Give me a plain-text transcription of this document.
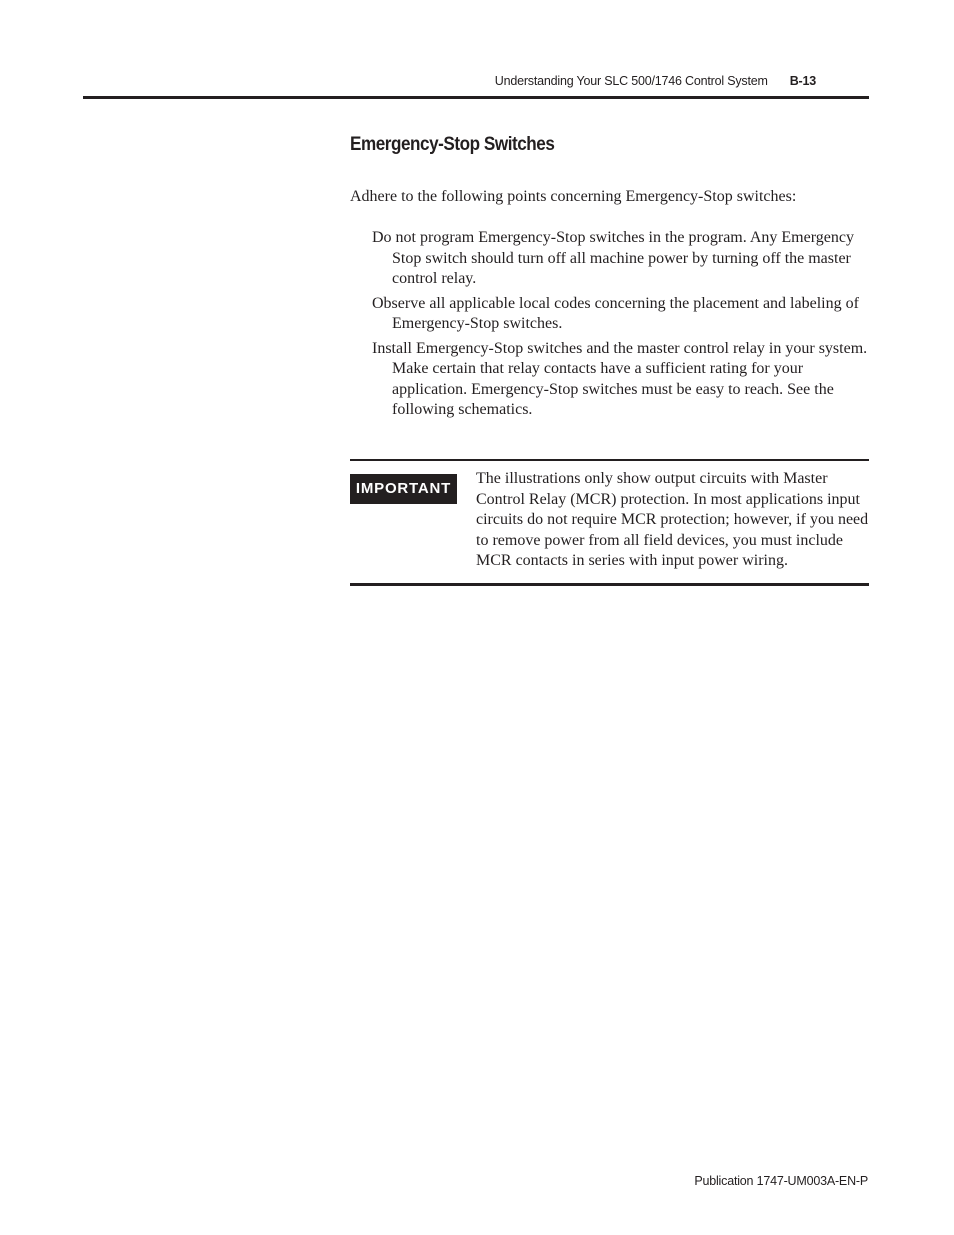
Understanding Your SLC 500/1746 Control System B-13
Emergency-Stop Switches

Adhere to the following points concerning Emergency-Stop switches:

Do not program Emergency-Stop switches in the program. Any Emergency Stop switch should turn off all machine power by turning off the master control relay.
Observe all applicable local codes concerning the placement and labeling of Emergency-Stop switches.
Install Emergency-Stop switches and the master control relay in your system. Make certain that relay contacts have a sufficient rating for your application. Emergency-Stop switches must be easy to reach. See the following schematics.
IMPORTANT

The illustrations only show output circuits with Master Control Relay (MCR) protection. In most applications input circuits do not require MCR protection; however, if you need to remove power from all field devices, you must include MCR contacts in series with input power wiring.

Publication 1747-UM003A-EN-P
